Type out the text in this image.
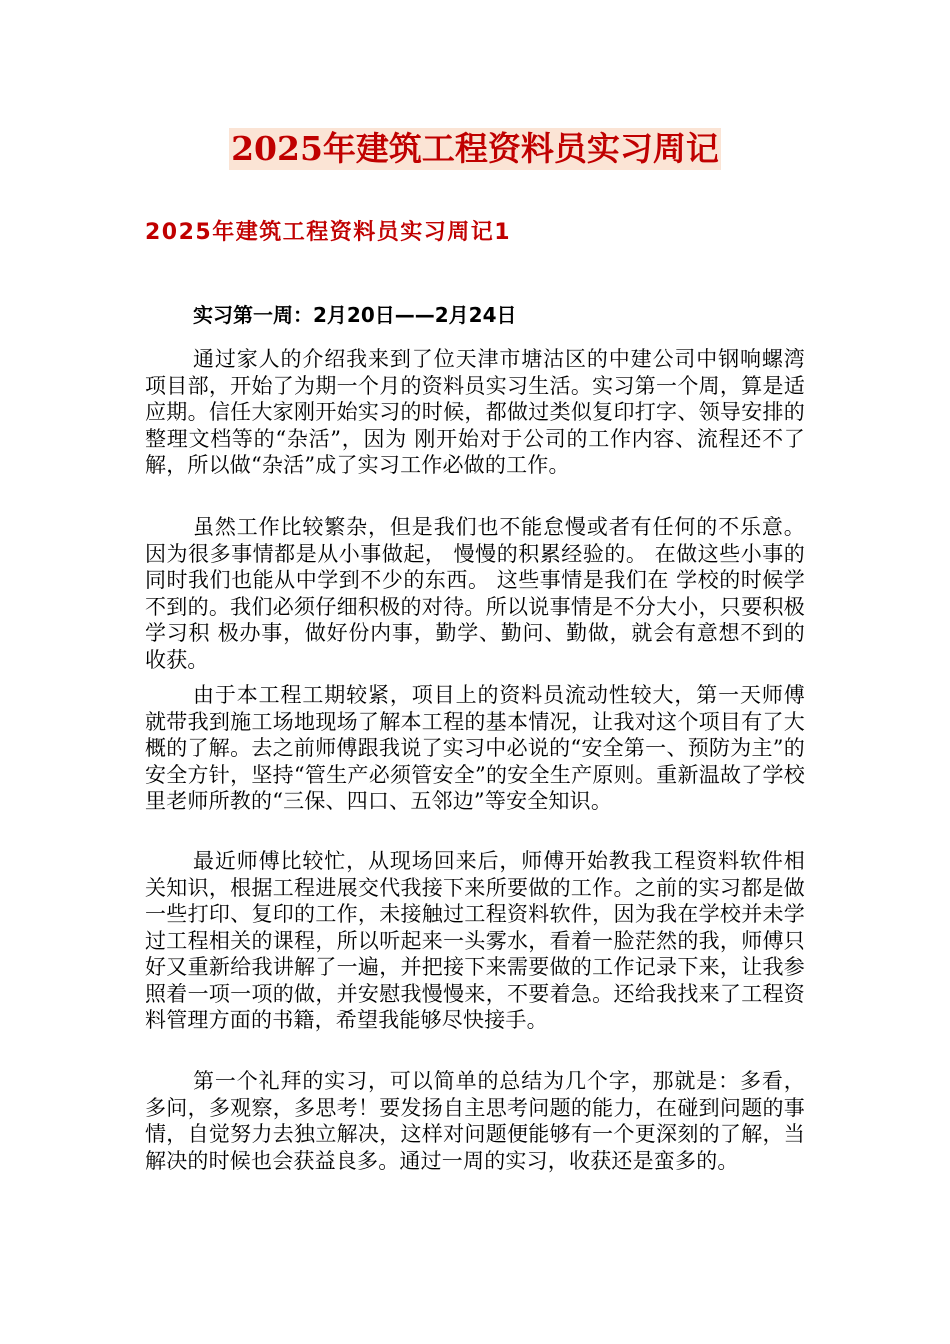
2025年建筑工程资料员实习周记
2025年建筑工程资料员实习周记1
实习第一周：2月20日——2月24日

通过家人的介绍我来到了位天津市塘沽区的中建公司中钢响螺湾项目部，开始了为期一个月的资料员实习生活。实习第一个周，算是适应期。信任大家刚开始实习的时候，都做过类似复印打字、领导安排的整理文档等的“杂活”，因为 刚开始对于公司的工作内容、流程还不了解，所以做“杂活”成了实习工作必做的工作。

虽然工作比较繁杂，但是我们也不能怠慢或者有任何的不乐意。因为很多事情都是从小事做起， 慢慢的积累经验的。 在做这些小事的同时我们也能从中学到不少的东西。 这些事情是我们在 学校的时候学不到的。我们必须仔细积极的对待。所以说事情是不分大小，只要积极学习积 极办事，做好份内事，勤学、勤问、勤做，就会有意想不到的收获。

由于本工程工期较紧，项目上的资料员流动性较大，第一天师傅就带我到施工场地现场了解本工程的基本情况，让我对这个项目有了大概的了解。去之前师傅跟我说了实习中必说的“安全第一、预防为主”的安全方针，坚持“管生产必须管安全”的安全生产原则。重新温故了学校里老师所教的“三保、四口、五邻边”等安全知识。

最近师傅比较忙，从现场回来后，师傅开始教我工程资料软件相关知识，根据工程进展交代我接下来所要做的工作。之前的实习都是做一些打印、复印的工作，未接触过工程资料软件，因为我在学校并未学过工程相关的课程，所以听起来一头雾水，看着一脸茫然的我，师傅只好又重新给我讲解了一遍，并把接下来需要做的工作记录下来，让我参照着一项一项的做，并安慰我慢慢来，不要着急。还给我找来了工程资料管理方面的书籍，希望我能够尽快接手。

第一个礼拜的实习，可以简单的总结为几个字，那就是：多看，多问，多观察，多思考！要发扬自主思考问题的能力，在碰到问题的事情，自觉努力去独立解决，这样对问题便能够有一个更深刻的了解，当解决的时候也会获益良多。通过一周的实习，收获还是蛮多的。
